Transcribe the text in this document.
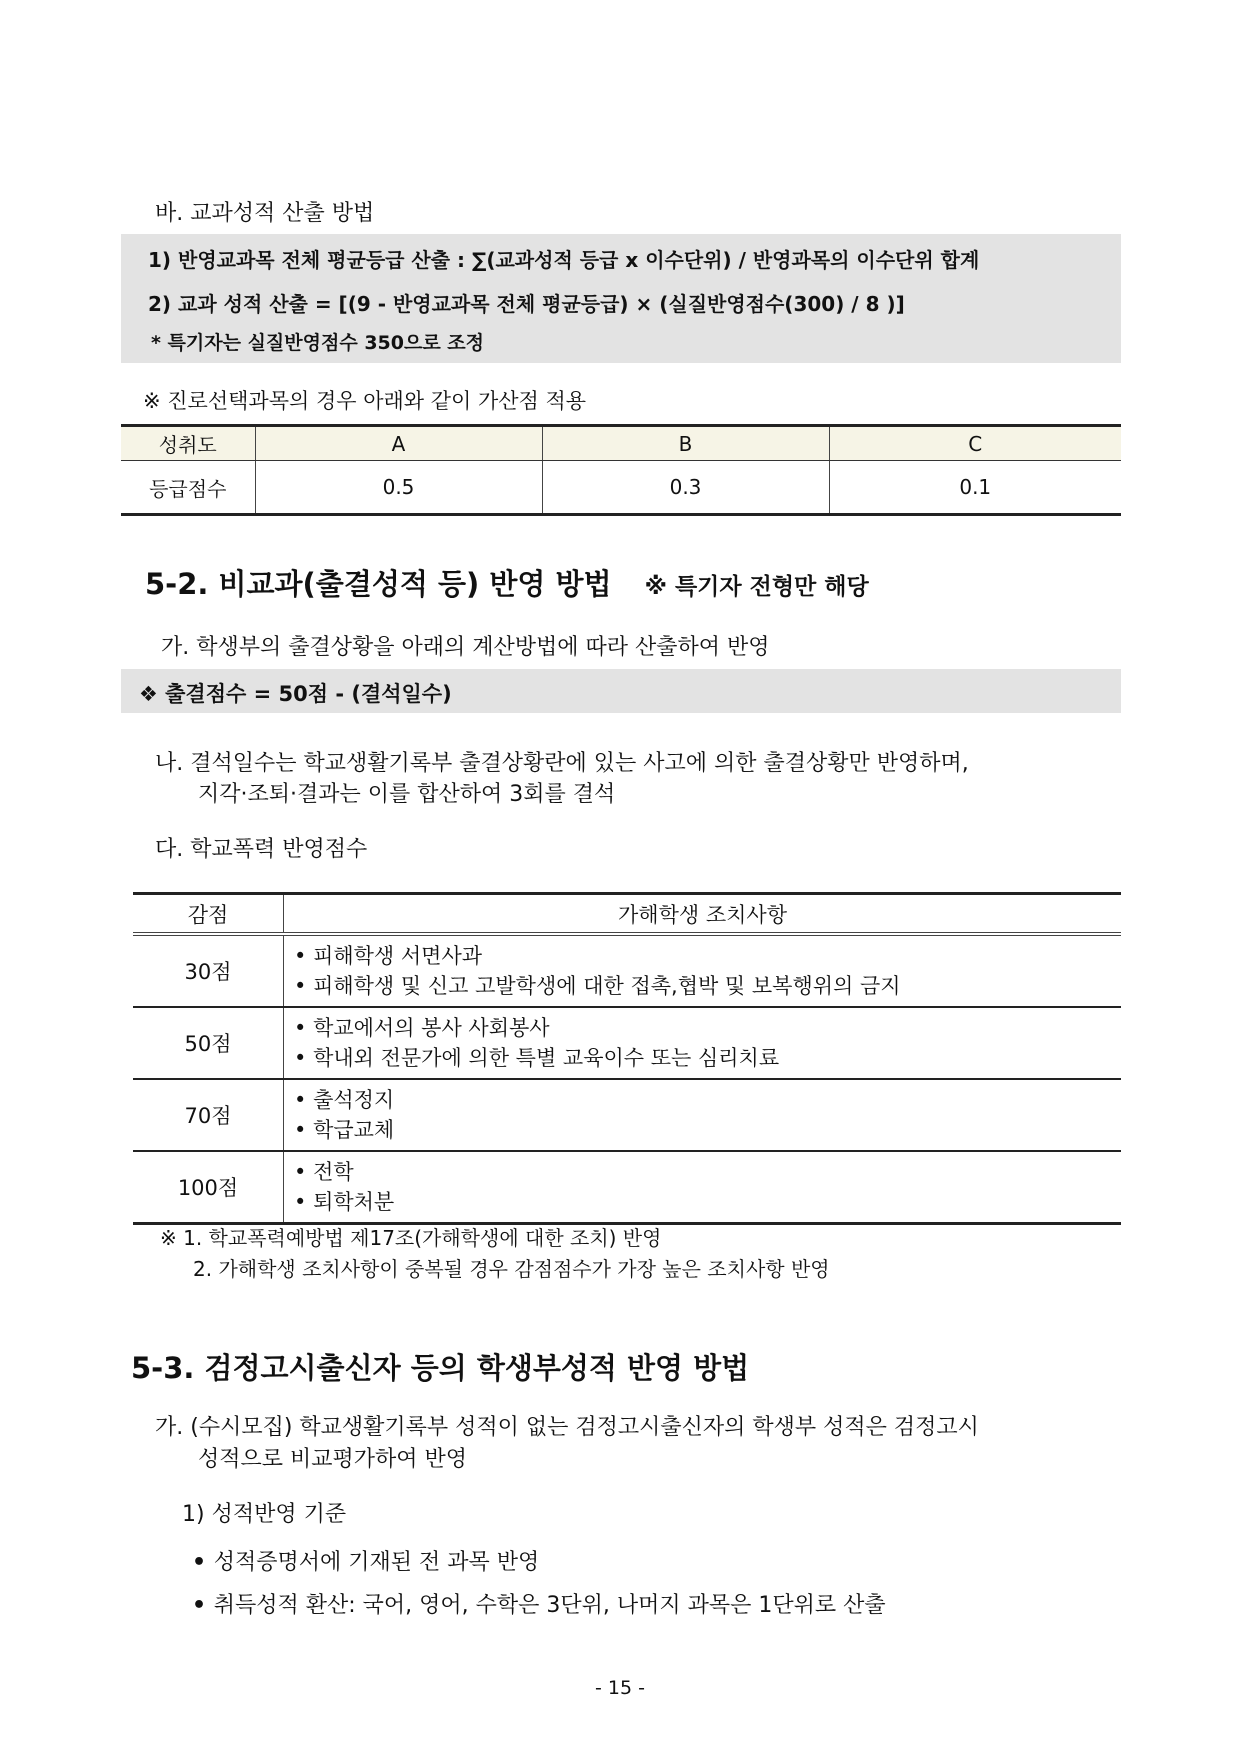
바. 교과성적 산출 방법
1) 반영교과목 전체 평균등급 산출 : ∑(교과성적 등급 x 이수단위) / 반영과목의 이수단위 합계
2) 교과 성적 산출 = [(9 - 반영교과목 전체 평균등급) × (실질반영점수(300) / 8 )]
* 특기자는 실질반영점수 350으로 조정
※ 진로선택과목의 경우 아래와 같이 가산점 적용
성취도	A	B	C
등급점수	0.5	0.3	0.1
5-2. 비교과(출결성적 등) 반영 방법 ※ 특기자 전형만 해당
가. 학생부의 출결상황을 아래의 계산방법에 따라 산출하여 반영
❖ 출결점수 = 50점 - (결석일수)
나. 결석일수는 학교생활기록부 출결상황란에 있는 사고에 의한 출결상황만 반영하며,
지각·조퇴·결과는 이를 합산하여 3회를 결석
다. 학교폭력 반영점수
감점	가해학생 조치사항
30점	• 피해학생 서면사과
• 피해학생 및 신고 고발학생에 대한 접촉,협박 및 보복행위의 금지

50점	• 학교에서의 봉사 사회봉사
• 학내외 전문가에 의한 특별 교육이수 또는 심리치료

70점	• 출석정지
• 학급교체

100점	• 전학
• 퇴학처분
※ 1. 학교폭력예방법 제17조(가해학생에 대한 조치) 반영
2. 가해학생 조치사항이 중복될 경우 감점점수가 가장 높은 조치사항 반영
5-3. 검정고시출신자 등의 학생부성적 반영 방법
가. (수시모집) 학교생활기록부 성적이 없는 검정고시출신자의 학생부 성적은 검정고시
성적으로 비교평가하여 반영
1) 성적반영 기준
• 성적증명서에 기재된 전 과목 반영
• 취득성적 환산: 국어, 영어, 수학은 3단위, 나머지 과목은 1단위로 산출
- 15 -
